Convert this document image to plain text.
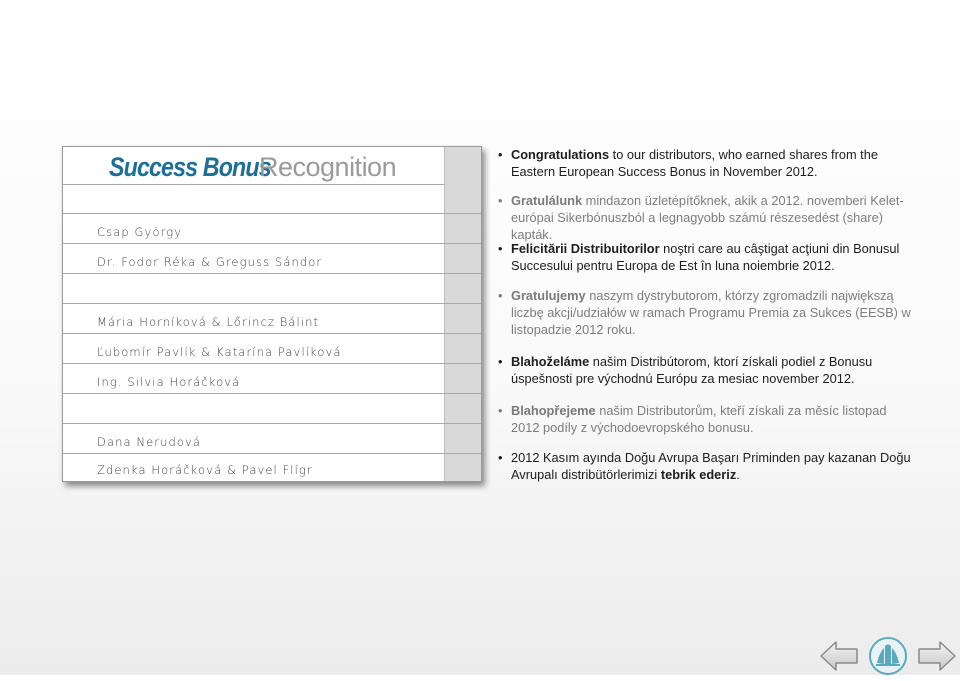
Success Bonus
Recognition
Csap György
Dr. Fodor Réka & Greguss Sándor
Mária Horníková & Lőrincz Bálint
Ľubomír Pavlík & Katarína Pavlíková
Ing. Silvia Horáčková
Dana Nerudová
Zdenka Horáčková & Pavel Flígr
• Congratulations to our distributors, who earned shares from the Eastern European Success Bonus in November 2012.
• Gratulálunk mindazon üzletépítőknek, akik a 2012. novemberi Kelet-európai Sikerbónuszból a legnagyobb számú részesedést (share) kapták.
• Felicitării Distribuitorilor noştri care au câştigat acţiuni din Bonusul Succesului pentru Europa de Est în luna noiembrie 2012.
• Gratulujemy naszym dystrybutorom, którzy zgromadzili największą liczbę akcji/udziałów w ramach Programu Premia za Sukces (EESB) w listopadzie 2012 roku.
• Blahoželáme našim Distribútorom, ktorí získali podiel z Bonusu úspešnosti pre východnú Európu za mesiac november 2012.
• Blahopřejeme našim Distributorům, kteří získali za měsíc listopad 2012 podíly z východoevropského bonusu.
• 2012 Kasım ayında Doğu Avrupa Başarı Priminden pay kazanan Doğu Avrupalı distribütörlerimizi tebrik ederiz.
